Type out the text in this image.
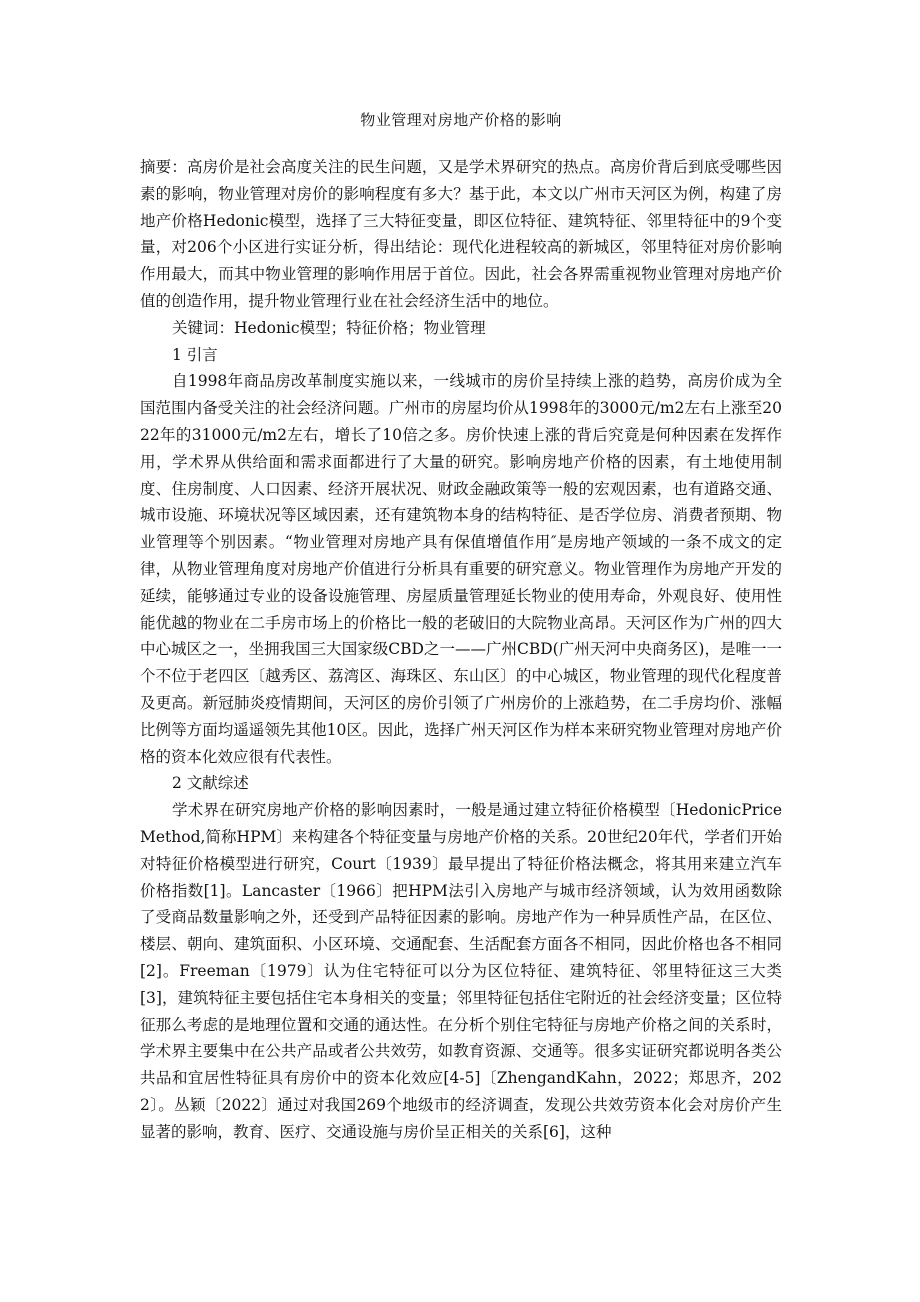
物业管理对房地产价格的影响

摘要：高房价是社会高度关注的民生问题，又是学术界研究的热点。高房价背后到底受哪些因素的影响，物业管理对房价的影响程度有多大？基于此，本文以广州市天河区为例，构建了房地产价格Hedonic模型，选择了三大特征变量，即区位特征、建筑特征、邻里特征中的9个变量，对206个小区进行实证分析，得出结论：现代化进程较高的新城区，邻里特征对房价影响作用最大，而其中物业管理的影响作用居于首位。因此，社会各界需重视物业管理对房地产价值的创造作用，提升物业管理行业在社会经济生活中的地位。

关键词：Hedonic模型；特征价格；物业管理

1 引言

自1998年商品房改革制度实施以来，一线城市的房价呈持续上涨的趋势，高房价成为全国范围内备受关注的社会经济问题。广州市的房屋均价从1998年的3000元/m2左右上涨至2022年的31000元/m2左右，增长了10倍之多。房价快速上涨的背后究竟是何种因素在发挥作用，学术界从供给面和需求面都进行了大量的研究。影响房地产价格的因素，有土地使用制度、住房制度、人口因素、经济开展状况、财政金融政策等一般的宏观因素，也有道路交通、城市设施、环境状况等区域因素，还有建筑物本身的结构特征、是否学位房、消费者预期、物业管理等个别因素。“物业管理对房地产具有保值增值作用″是房地产领域的一条不成文的定律，从物业管理角度对房地产价值进行分析具有重要的研究意义。物业管理作为房地产开发的延续，能够通过专业的设备设施管理、房屋质量管理延长物业的使用寿命，外观良好、使用性能优越的物业在二手房市场上的价格比一般的老破旧的大院物业高昂。天河区作为广州的四大中心城区之一，坐拥我国三大国家级CBD之一——广州CBD(广州天河中央商务区)，是唯一一个不位于老四区〔越秀区、荔湾区、海珠区、东山区〕的中心城区，物业管理的现代化程度普及更高。新冠肺炎疫情期间，天河区的房价引领了广州房价的上涨趋势，在二手房均价、涨幅比例等方面均遥遥领先其他10区。因此，选择广州天河区作为样本来研究物业管理对房地产价格的资本化效应很有代表性。

2 文献综述

学术界在研究房地产价格的影响因素时，一般是通过建立特征价格模型〔HedonicPriceMethod,简称HPM〕来构建各个特征变量与房地产价格的关系。20世纪20年代，学者们开始对特征价格模型进行研究，Court〔1939〕最早提出了特征价格法概念，将其用来建立汽车价格指数[1]。Lancaster〔1966〕把HPM法引入房地产与城市经济领域，认为效用函数除了受商品数量影响之外，还受到产品特征因素的影响。房地产作为一种异质性产品，在区位、楼层、朝向、建筑面积、小区环境、交通配套、生活配套方面各不相同，因此价格也各不相同[2]。Freeman〔1979〕认为住宅特征可以分为区位特征、建筑特征、邻里特征这三大类[3]，建筑特征主要包括住宅本身相关的变量；邻里特征包括住宅附近的社会经济变量；区位特征那么考虑的是地理位置和交通的通达性。在分析个别住宅特征与房地产价格之间的关系时，学术界主要集中在公共产品或者公共效劳，如教育资源、交通等。很多实证研究都说明各类公共品和宜居性特征具有房价中的资本化效应[4-5]〔ZhengandKahn，2022；郑思齐，2022〕。丛颖〔2022〕通过对我国269个地级市的经济调查，发现公共效劳资本化会对房价产生显著的影响，教育、医疗、交通设施与房价呈正相关的关系[6]，这种
